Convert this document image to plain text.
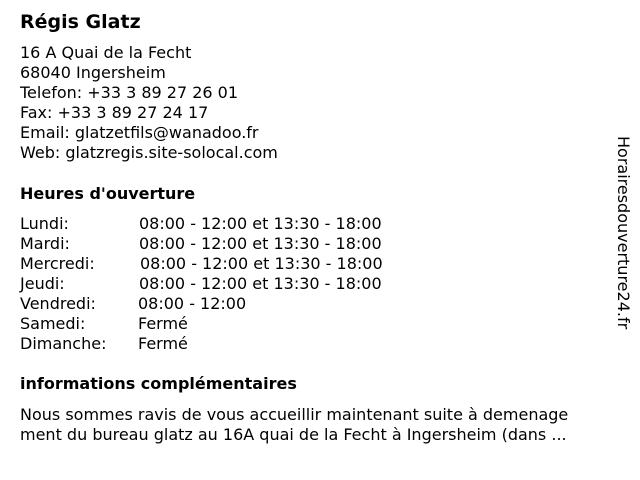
Régis Glatz
16 A Quai de la Fecht
68040 Ingersheim
Telefon: +33 3 89 27 26 01
Fax: +33 3 89 27 24 17
Email: glatzetfils@wanadoo.fr
Web: glatzregis.site-solocal.com
Heures d'ouverture
Lundi:	08:00 - 12:00 et 13:30 - 18:00
Mardi:	08:00 - 12:00 et 13:30 - 18:00
Mercredi:	08:00 - 12:00 et 13:30 - 18:00
Jeudi:	08:00 - 12:00 et 13:30 - 18:00
Vendredi:	08:00 - 12:00
Samedi:	Fermé
Dimanche: Fermé
informations complémentaires
Nous sommes ravis de vous accueillir maintenant suite à demenage
ment du bureau glatz au 16A quai de la Fecht à Ingersheim (dans ...
Horairesdouverture24.fr
